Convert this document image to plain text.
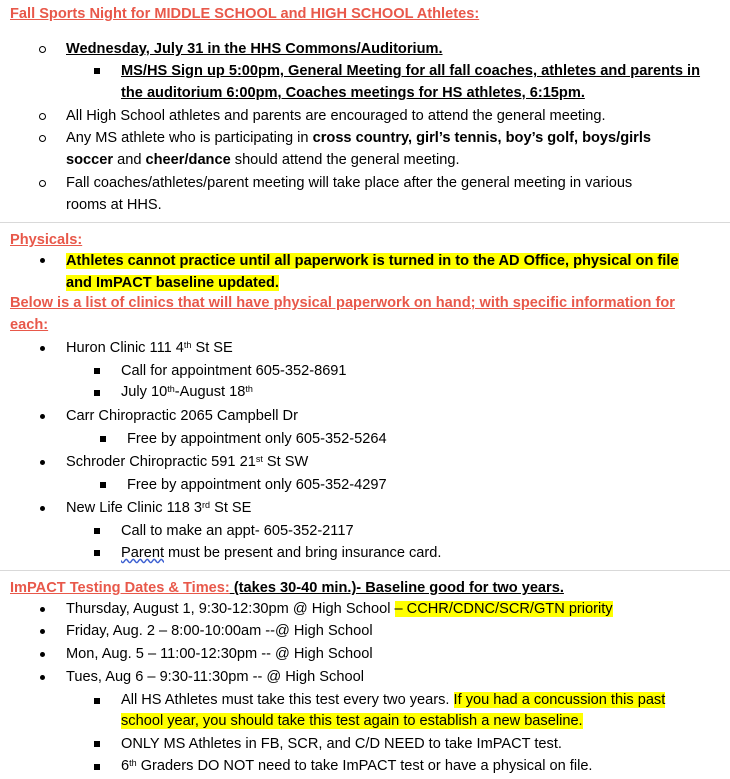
Fall Sports Night for MIDDLE SCHOOL and HIGH SCHOOL Athletes:
Wednesday, July 31 in the HHS Commons/Auditorium.
MS/HS Sign up 5:00pm, General Meeting for all fall coaches, athletes and parents in
the auditorium 6:00pm, Coaches meetings for HS athletes, 6:15pm.
All High School athletes and parents are encouraged to attend the general meeting.
Any MS athlete who is participating in cross country, girl’s tennis, boy’s golf, boys/girls
soccer and cheer/dance should attend the general meeting.
Fall coaches/athletes/parent meeting will take place after the general meeting in various
rooms at HHS.
Physicals:
Athletes cannot practice until all paperwork is turned in to the AD Office, physical on file
and ImPACT baseline updated.
Below is a list of clinics that will have physical paperwork on hand; with specific information for
each:
Huron Clinic 111 4th St SE
Call for appointment 605-352-8691
July 10th-August 18th
Carr Chiropractic 2065 Campbell Dr
Free by appointment only 605-352-5264
Schroder Chiropractic 591 21st St SW
Free by appointment only 605-352-4297
New Life Clinic 118 3rd St SE
Call to make an appt- 605-352-2117
Parent must be present and bring insurance card.
ImPACT Testing Dates & Times: (takes 30-40 min.)- Baseline good for two years.
Thursday, August 1, 9:30-12:30pm @ High School – CCHR/CDNC/SCR/GTN priority
Friday, Aug. 2 – 8:00-10:00am --@ High School
Mon, Aug. 5 – 11:00-12:30pm -- @ High School
Tues, Aug 6 – 9:30-11:30pm -- @ High School
All HS Athletes must take this test every two years. If you had a concussion this past
school year, you should take this test again to establish a new baseline.
ONLY MS Athletes in FB, SCR, and C/D NEED to take ImPACT test.
6th Graders DO NOT need to take ImPACT test or have a physical on file.
